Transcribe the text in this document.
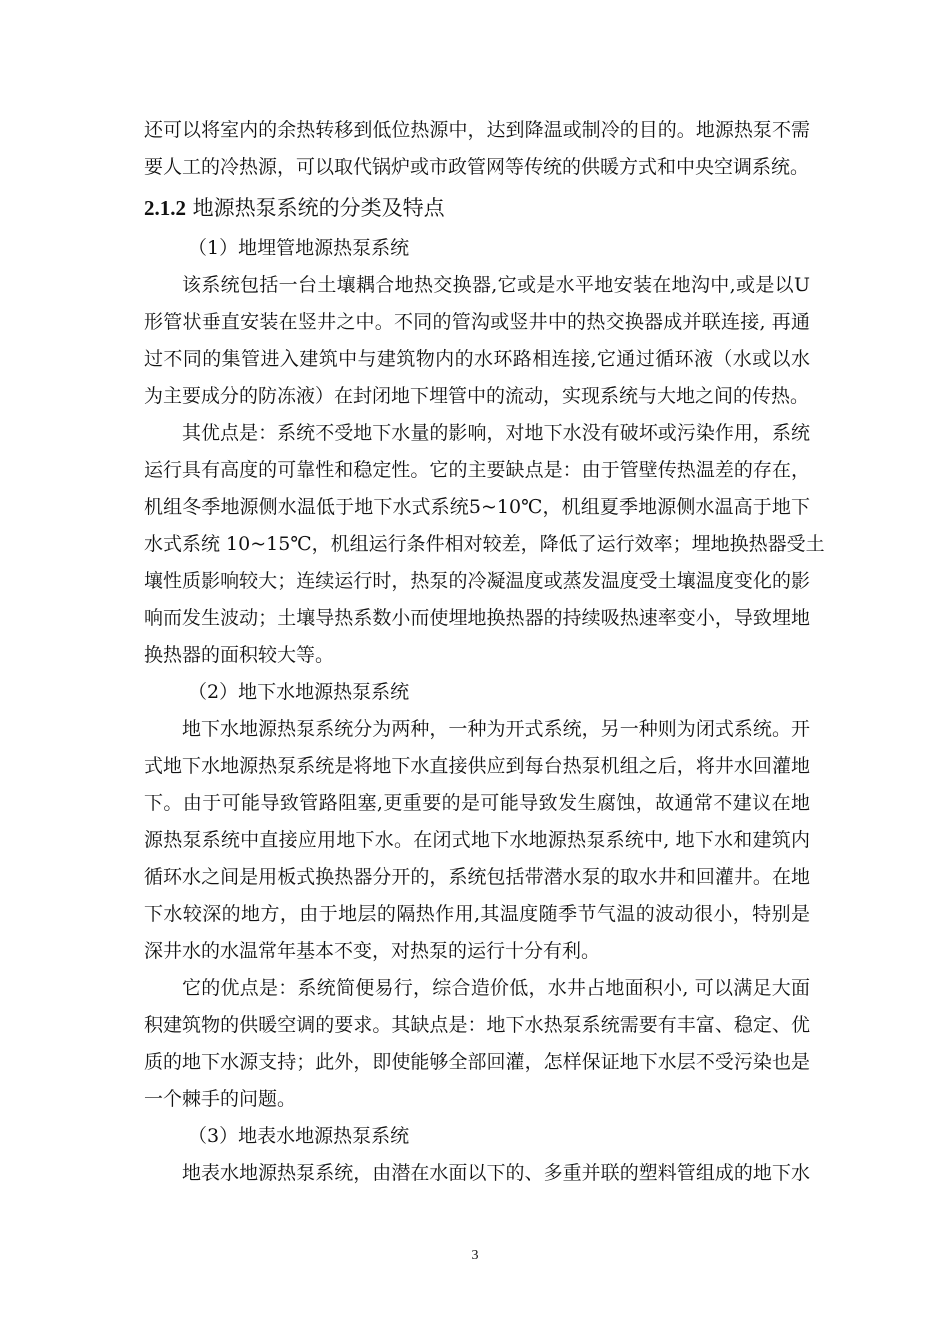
还可以将室内的余热转移到低位热源中，达到降温或制冷的目的。地源热泵不需
要人工的冷热源，可以取代锅炉或市政管网等传统的供暖方式和中央空调系统。
2.1.2 地源热泵系统的分类及特点
（1）地埋管地源热泵系统
该系统包括一台土壤耦合地热交换器,它或是水平地安装在地沟中,或是以U
形管状垂直安装在竖井之中。不同的管沟或竖井中的热交换器成并联连接, 再通
过不同的集管进入建筑中与建筑物内的水环路相连接,它通过循环液（水或以水
为主要成分的防冻液）在封闭地下埋管中的流动，实现系统与大地之间的传热。
其优点是：系统不受地下水量的影响，对地下水没有破坏或污染作用，系统
运行具有高度的可靠性和稳定性。它的主要缺点是：由于管壁传热温差的存在，
机组冬季地源侧水温低于地下水式系统5~10℃，机组夏季地源侧水温高于地下
水式系统 10~15℃，机组运行条件相对较差，降低了运行效率；埋地换热器受土
壤性质影响较大；连续运行时，热泵的冷凝温度或蒸发温度受土壤温度变化的影
响而发生波动；土壤导热系数小而使埋地换热器的持续吸热速率变小，导致埋地
换热器的面积较大等。
（2）地下水地源热泵系统
地下水地源热泵系统分为两种，一种为开式系统，另一种则为闭式系统。开
式地下水地源热泵系统是将地下水直接供应到每台热泵机组之后，将井水回灌地
下。由于可能导致管路阻塞,更重要的是可能导致发生腐蚀，故通常不建议在地
源热泵系统中直接应用地下水。在闭式地下水地源热泵系统中, 地下水和建筑内
循环水之间是用板式换热器分开的，系统包括带潜水泵的取水井和回灌井。在地
下水较深的地方，由于地层的隔热作用,其温度随季节气温的波动很小，特别是
深井水的水温常年基本不变，对热泵的运行十分有利。
它的优点是：系统简便易行，综合造价低，水井占地面积小, 可以满足大面
积建筑物的供暖空调的要求。其缺点是：地下水热泵系统需要有丰富、稳定、优
质的地下水源支持；此外，即使能够全部回灌，怎样保证地下水层不受污染也是
一个棘手的问题。
（3）地表水地源热泵系统
地表水地源热泵系统，由潜在水面以下的、多重并联的塑料管组成的地下水
3
